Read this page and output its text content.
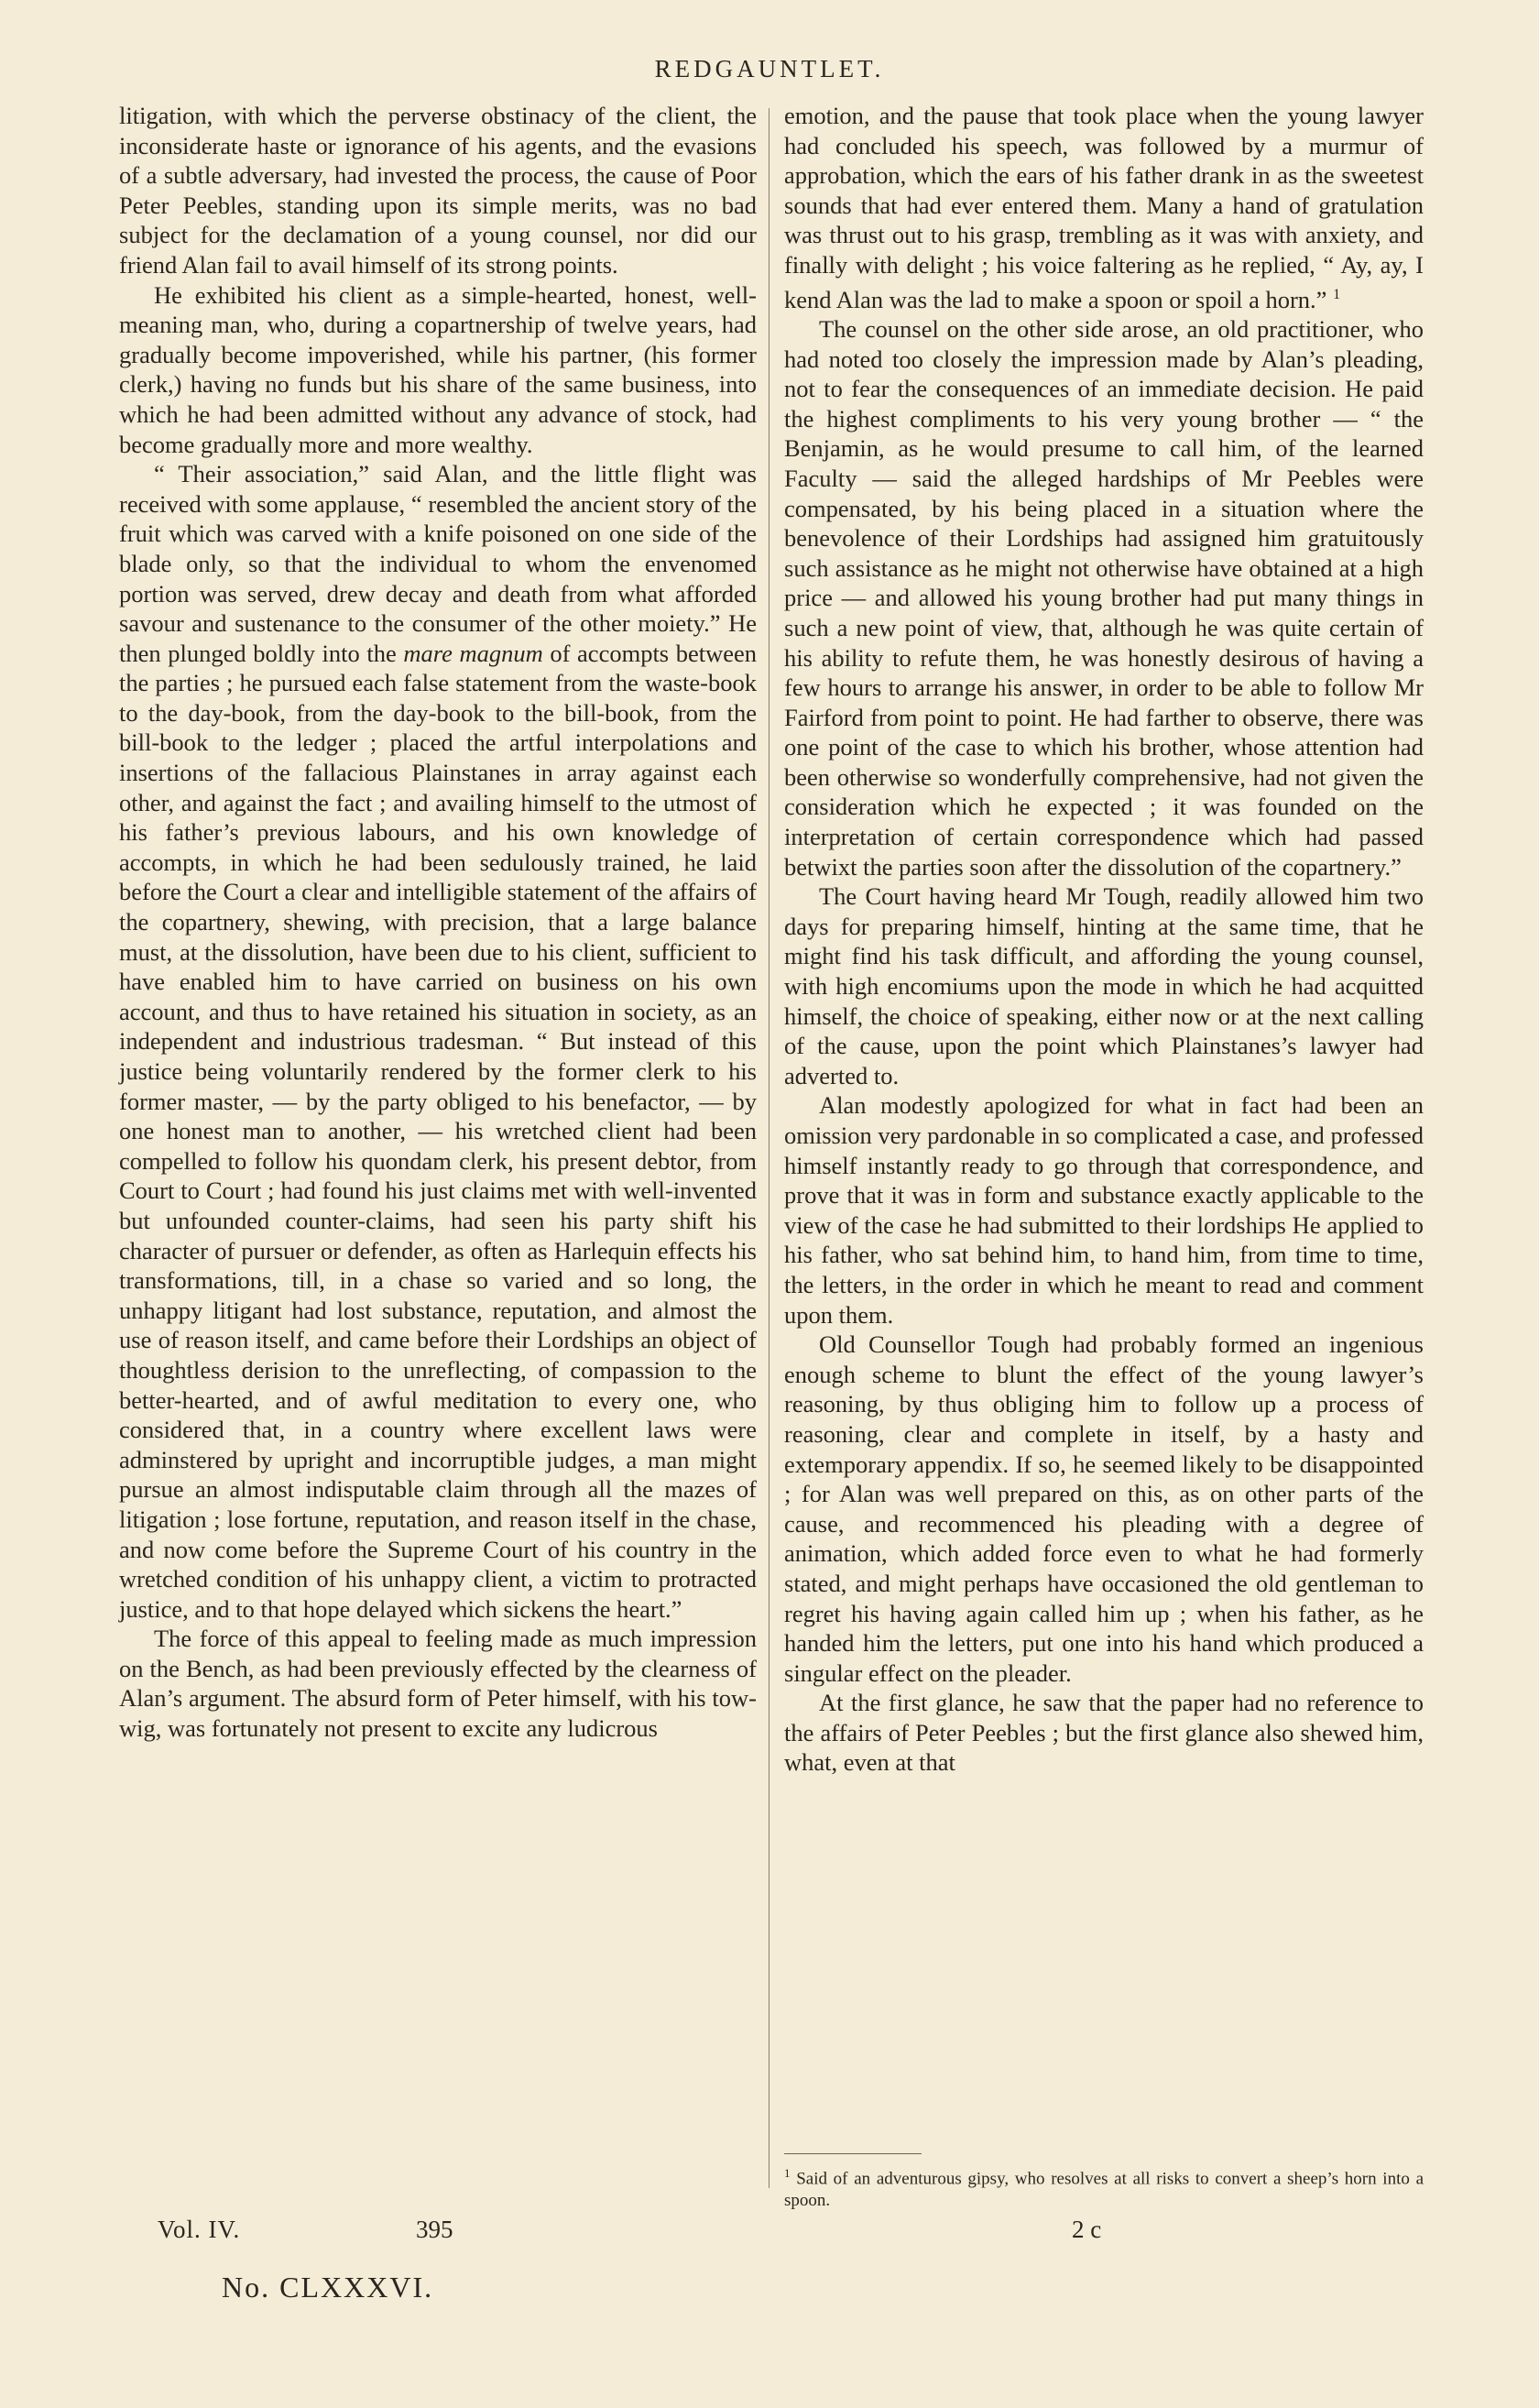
REDGAUNTLET.

litigation, with which the perverse obstinacy of the client, the inconsiderate haste or ignorance of his agents, and the evasions of a subtle adversary, had invested the process, the cause of Poor Peter Peebles, standing upon its simple merits, was no bad subject for the declamation of a young counsel, nor did our friend Alan fail to avail himself of its strong points.

He exhibited his client as a simple-hearted, honest, well-meaning man, who, during a copartnership of twelve years, had gradually become impoverished, while his partner, (his former clerk,) having no funds but his share of the same business, into which he had been admitted without any advance of stock, had become gradually more and more wealthy.

“ Their association,” said Alan, and the little flight was received with some applause, “ resembled the ancient story of the fruit which was carved with a knife poisoned on one side of the blade only, so that the individual to whom the envenomed portion was served, drew decay and death from what afforded savour and sustenance to the consumer of the other moiety.” He then plunged boldly into the mare magnum of accompts between the parties ; he pursued each false statement from the waste-book to the day-book, from the day-book to the bill-book, from the bill-book to the ledger ; placed the artful interpolations and insertions of the fallacious Plainstanes in array against each other, and against the fact ; and availing himself to the utmost of his father’s previous labours, and his own knowledge of accompts, in which he had been sedulously trained, he laid before the Court a clear and intelligible statement of the affairs of the copartnery, shewing, with precision, that a large balance must, at the dissolution, have been due to his client, sufficient to have enabled him to have carried on business on his own account, and thus to have retained his situation in society, as an independent and industrious tradesman. “ But instead of this justice being voluntarily rendered by the former clerk to his former master, — by the party obliged to his benefactor, — by one honest man to another, — his wretched client had been compelled to follow his quondam clerk, his present debtor, from Court to Court ; had found his just claims met with well-invented but unfounded counter-claims, had seen his party shift his character of pursuer or defender, as often as Harlequin effects his transformations, till, in a chase so varied and so long, the unhappy litigant had lost substance, reputation, and almost the use of reason itself, and came before their Lordships an object of thoughtless derision to the unreflecting, of compassion to the better-hearted, and of awful meditation to every one, who considered that, in a country where excellent laws were adminstered by upright and incorruptible judges, a man might pursue an almost indisputable claim through all the mazes of litigation ; lose fortune, reputation, and reason itself in the chase, and now come before the Supreme Court of his country in the wretched condition of his unhappy client, a victim to protracted justice, and to that hope delayed which sickens the heart.”

The force of this appeal to feeling made as much impression on the Bench, as had been previously effected by the clearness of Alan’s argument. The absurd form of Peter himself, with his tow-wig, was fortunately not present to excite any ludicrous

emotion, and the pause that took place when the young lawyer had concluded his speech, was followed by a murmur of approbation, which the ears of his father drank in as the sweetest sounds that had ever entered them. Many a hand of gratulation was thrust out to his grasp, trembling as it was with anxiety, and finally with delight ; his voice faltering as he replied, “ Ay, ay, I kend Alan was the lad to make a spoon or spoil a horn.” $^1$

The counsel on the other side arose, an old practitioner, who had noted too closely the impression made by Alan’s pleading, not to fear the consequences of an immediate decision. He paid the highest compliments to his very young brother — “ the Benjamin, as he would presume to call him, of the learned Faculty — said the alleged hardships of Mr Peebles were compensated, by his being placed in a situation where the benevolence of their Lordships had assigned him gratuitously such assistance as he might not otherwise have obtained at a high price — and allowed his young brother had put many things in such a new point of view, that, although he was quite certain of his ability to refute them, he was honestly desirous of having a few hours to arrange his answer, in order to be able to follow Mr Fairford from point to point. He had farther to observe, there was one point of the case to which his brother, whose attention had been otherwise so wonderfully comprehensive, had not given the consideration which he expected ; it was founded on the interpretation of certain correspondence which had passed betwixt the parties soon after the dissolution of the copartnery.”

The Court having heard Mr Tough, readily allowed him two days for preparing himself, hinting at the same time, that he might find his task difficult, and affording the young counsel, with high encomiums upon the mode in which he had acquitted himself, the choice of speaking, either now or at the next calling of the cause, upon the point which Plainstanes’s lawyer had adverted to.

Alan modestly apologized for what in fact had been an omission very pardonable in so complicated a case, and professed himself instantly ready to go through that correspondence, and prove that it was in form and substance exactly applicable to the view of the case he had submitted to their lordships He applied to his father, who sat behind him, to hand him, from time to time, the letters, in the order in which he meant to read and comment upon them.

Old Counsellor Tough had probably formed an ingenious enough scheme to blunt the effect of the young lawyer’s reasoning, by thus obliging him to follow up a process of reasoning, clear and complete in itself, by a hasty and extemporary appendix. If so, he seemed likely to be disappointed ; for Alan was well prepared on this, as on other parts of the cause, and recommenced his pleading with a degree of animation, which added force even to what he had formerly stated, and might perhaps have occasioned the old gentleman to regret his having again called him up ; when his father, as he handed him the letters, put one into his hand which produced a singular effect on the pleader.

At the first glance, he saw that the paper had no reference to the affairs of Peter Peebles ; but the first glance also shewed him, what, even at that

$^1$ Said of an adventurous gipsy, who resolves at all risks to convert a sheep’s horn into a spoon.
Vol. IV.	395	2 c
No. CLXXXVI.
